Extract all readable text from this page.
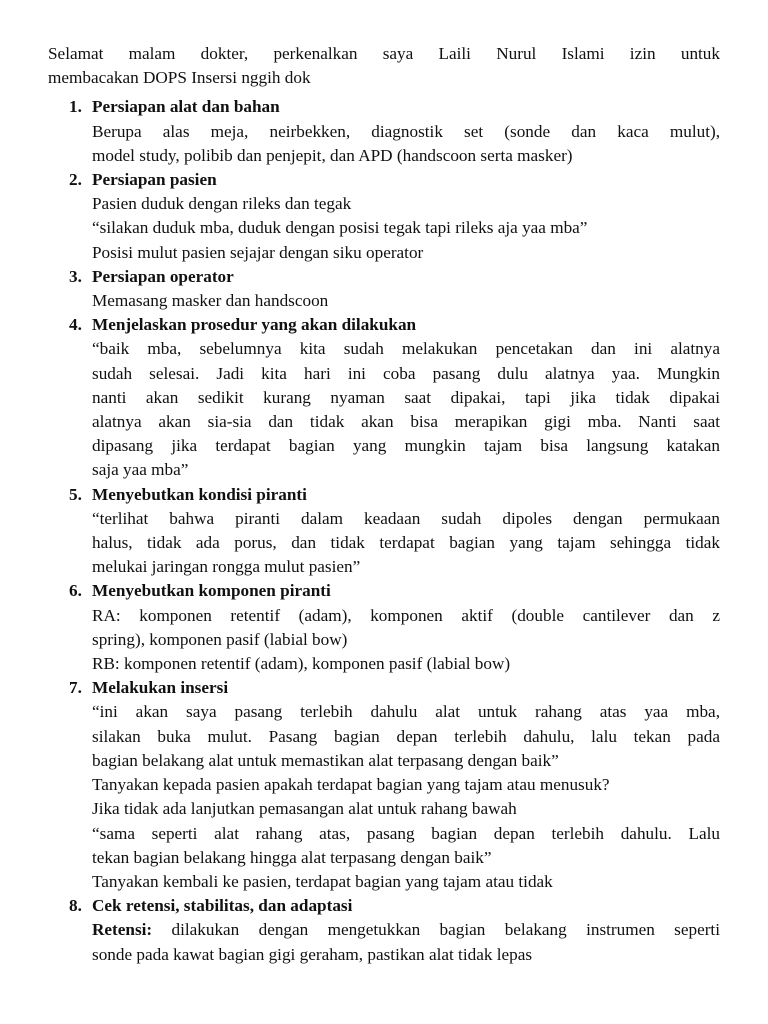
Selamat malam dokter, perkenalkan saya Laili Nurul Islami izin untuk
membacakan DOPS Insersi nggih dok

1. Persiapan alat dan bahan
Berupa alas meja, neirbekken, diagnostik set (sonde dan kaca mulut),
model study, polibib dan penjepit, dan APD (handscoon serta masker)
2. Persiapan pasien
Pasien duduk dengan rileks dan tegak
“silakan duduk mba, duduk dengan posisi tegak tapi rileks aja yaa mba”
Posisi mulut pasien sejajar dengan siku operator
3. Persiapan operator
Memasang masker dan handscoon
4. Menjelaskan prosedur yang akan dilakukan
“baik mba, sebelumnya kita sudah melakukan pencetakan dan ini alatnya
sudah selesai. Jadi kita hari ini coba pasang dulu alatnya yaa. Mungkin
nanti akan sedikit kurang nyaman saat dipakai, tapi jika tidak dipakai
alatnya akan sia-sia dan tidak akan bisa merapikan gigi mba. Nanti saat
dipasang jika terdapat bagian yang mungkin tajam bisa langsung katakan
saja yaa mba”
5. Menyebutkan kondisi piranti
“terlihat bahwa piranti dalam keadaan sudah dipoles dengan permukaan
halus, tidak ada porus, dan tidak terdapat bagian yang tajam sehingga tidak
melukai jaringan rongga mulut pasien”
6. Menyebutkan komponen piranti
RA: komponen retentif (adam), komponen aktif (double cantilever dan z
spring), komponen pasif (labial bow)
RB: komponen retentif (adam), komponen pasif (labial bow)
7. Melakukan insersi
“ini akan saya pasang terlebih dahulu alat untuk rahang atas yaa mba,
silakan buka mulut. Pasang bagian depan terlebih dahulu, lalu tekan pada
bagian belakang alat untuk memastikan alat terpasang dengan baik”
Tanyakan kepada pasien apakah terdapat bagian yang tajam atau menusuk?
Jika tidak ada lanjutkan pemasangan alat untuk rahang bawah
“sama seperti alat rahang atas, pasang bagian depan terlebih dahulu. Lalu
tekan bagian belakang hingga alat terpasang dengan baik”
Tanyakan kembali ke pasien, terdapat bagian yang tajam atau tidak
8. Cek retensi, stabilitas, dan adaptasi
Retensi: dilakukan dengan mengetukkan bagian belakang instrumen seperti
sonde pada kawat bagian gigi geraham, pastikan alat tidak lepas
